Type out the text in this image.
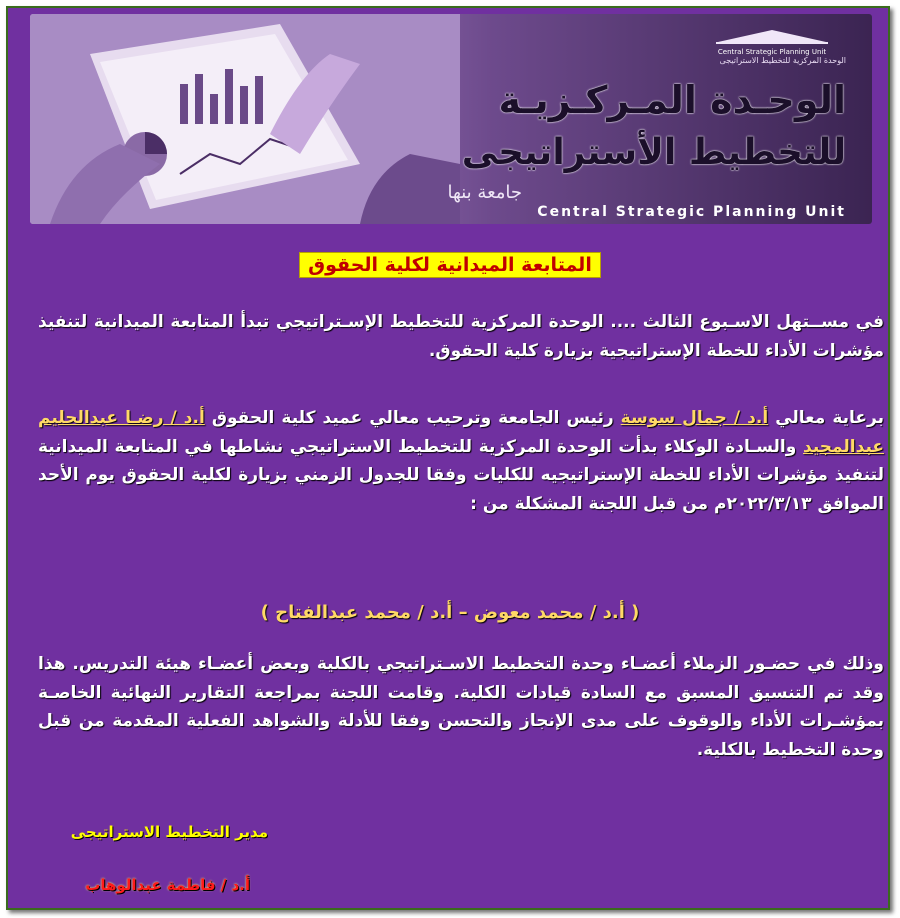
Central Strategic Planning Unit
الوحدة المركزية للتخطيط الاستراتيجى
الوحـدة المـركـزيـة
للتخطيط الأستراتيجى
جامعة بنها
Central Strategic Planning Unit
المتابعة الميدانية لكلية الحقوق
في مســتهل الاسـبوع الثالث .... الوحدة المركزية للتخطيط الإسـتراتيجي تبدأ المتابعة الميدانية لتنفيذ مؤشرات الأداء للخطة الإستراتيجية بزيارة كلية الحقوق.
برعاية معالي أ.د / جمال سوسة رئيس الجامعة وترحيب معالي عميد كلية الحقوق أ.د / رضـا عبدالحليم عبدالمجيد والسـادة الوكلاء بدأت الوحدة المركزية للتخطيط الاستراتيجي نشاطها في المتابعة الميدانية لتنفيذ مؤشرات الأداء للخطة الإستراتيجيه للكليات وفقا للجدول الزمني بزيارة لكلية الحقوق يوم الأحد الموافق ٢٠٢٢/٣/١٣م من قبل اللجنة المشكلة من :
( أ.د / محمد معوض – أ.د / محمد عبدالفتاح )
وذلك في حضـور الزملاء أعضـاء وحدة التخطيط الاسـتراتيجي بالكلية وبعض أعضـاء هيئة التدريس. هذا وقد تم التنسيق المسبق مع السادة قيادات الكلية. وقامت اللجنة بمراجعة التقارير النهائية الخاصـة بمؤشـرات الأداء والوقوف على مدى الإنجاز والتحسن وفقا للأدلة والشواهد الفعلية المقدمة من قبل وحدة التخطيط بالكلية.
مدير التخطيط الاستراتيجى
أ.د / فاطمة عبدالوهاب
